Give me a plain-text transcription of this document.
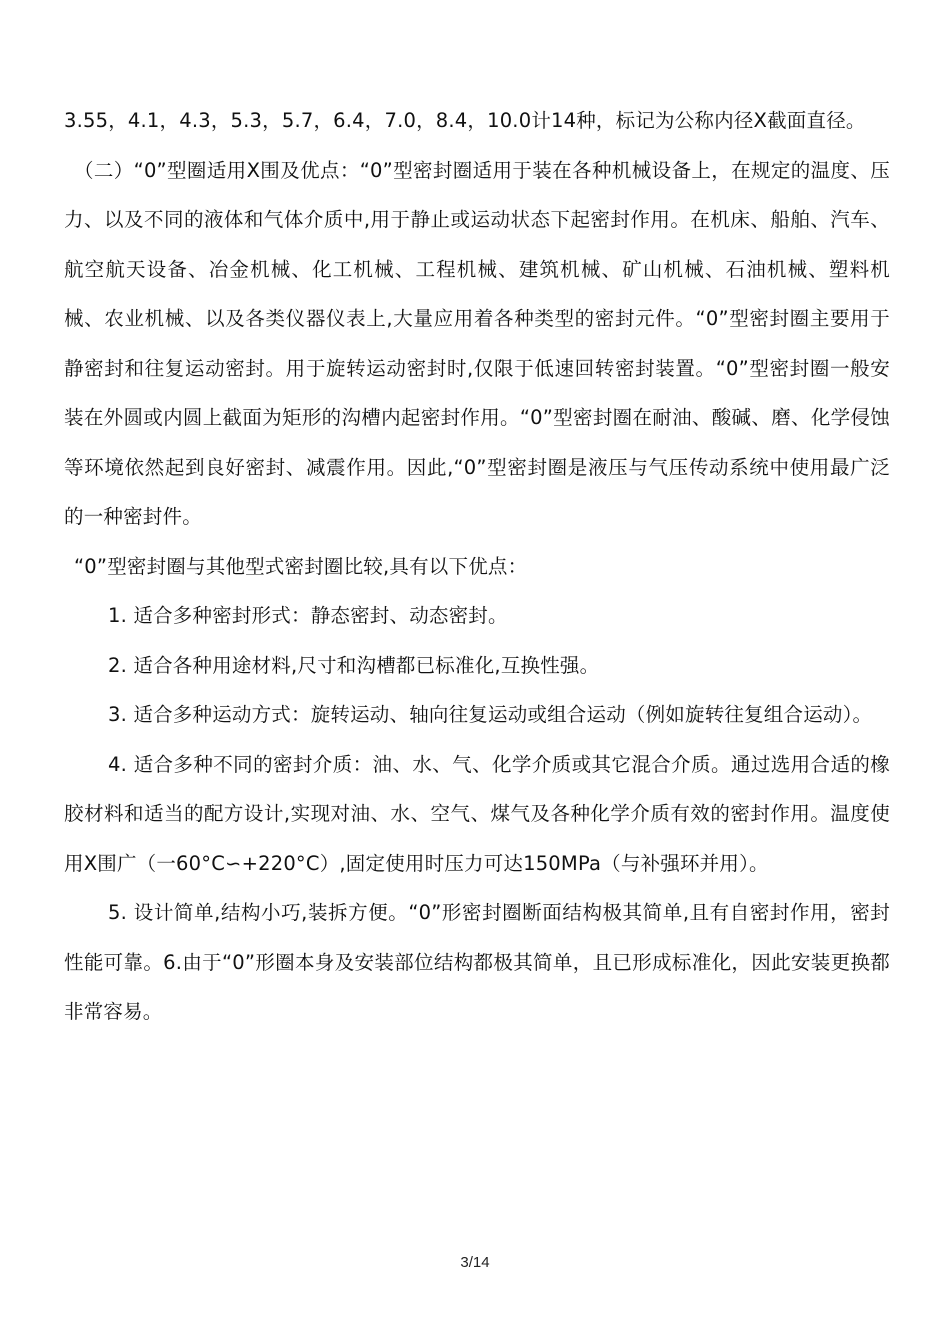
3.55，4.1，4.3，5.3，5.7，6.4，7.0，8.4，10.0计14种，标记为公称内径X截面直径。

（二）“0”型圈适用X围及优点：“0”型密封圈适用于装在各种机械设备上，在规定的温度、压力、以及不同的液体和气体介质中,用于静止或运动状态下起密封作用。在机床、船舶、汽车、航空航天设备、冶金机械、化工机械、工程机械、建筑机械、矿山机械、石油机械、塑料机械、农业机械、以及各类仪器仪表上,大量应用着各种类型的密封元件。“0”型密封圈主要用于静密封和往复运动密封。用于旋转运动密封时,仅限于低速回转密封装置。“0”型密封圈一般安装在外圆或内圆上截面为矩形的沟槽内起密封作用。“0”型密封圈在耐油、酸碱、磨、化学侵蚀等环境依然起到良好密封、减震作用。因此,“0”型密封圈是液压与气压传动系统中使用最广泛的一种密封件。

“0”型密封圈与其他型式密封圈比较,具有以下优点：

1. 适合多种密封形式：静态密封、动态密封。

2. 适合各种用途材料,尺寸和沟槽都已标准化,互换性强。

3. 适合多种运动方式：旋转运动、轴向往复运动或组合运动（例如旋转往复组合运动）。

4. 适合多种不同的密封介质：油、水、气、化学介质或其它混合介质。通过选用合适的橡胶材料和适当的配方设计,实现对油、水、空气、煤气及各种化学介质有效的密封作用。温度使用X围广（一60°C∽+220°C）,固定使用时压力可达150MPa（与补强环并用）。

5. 设计简单,结构小巧,装拆方便。“0”形密封圈断面结构极其简单,且有自密封作用，密封性能可靠。6.由于“0”形圈本身及安装部位结构都极其简单，且已形成标准化，因此安装更换都非常容易。

3/14
